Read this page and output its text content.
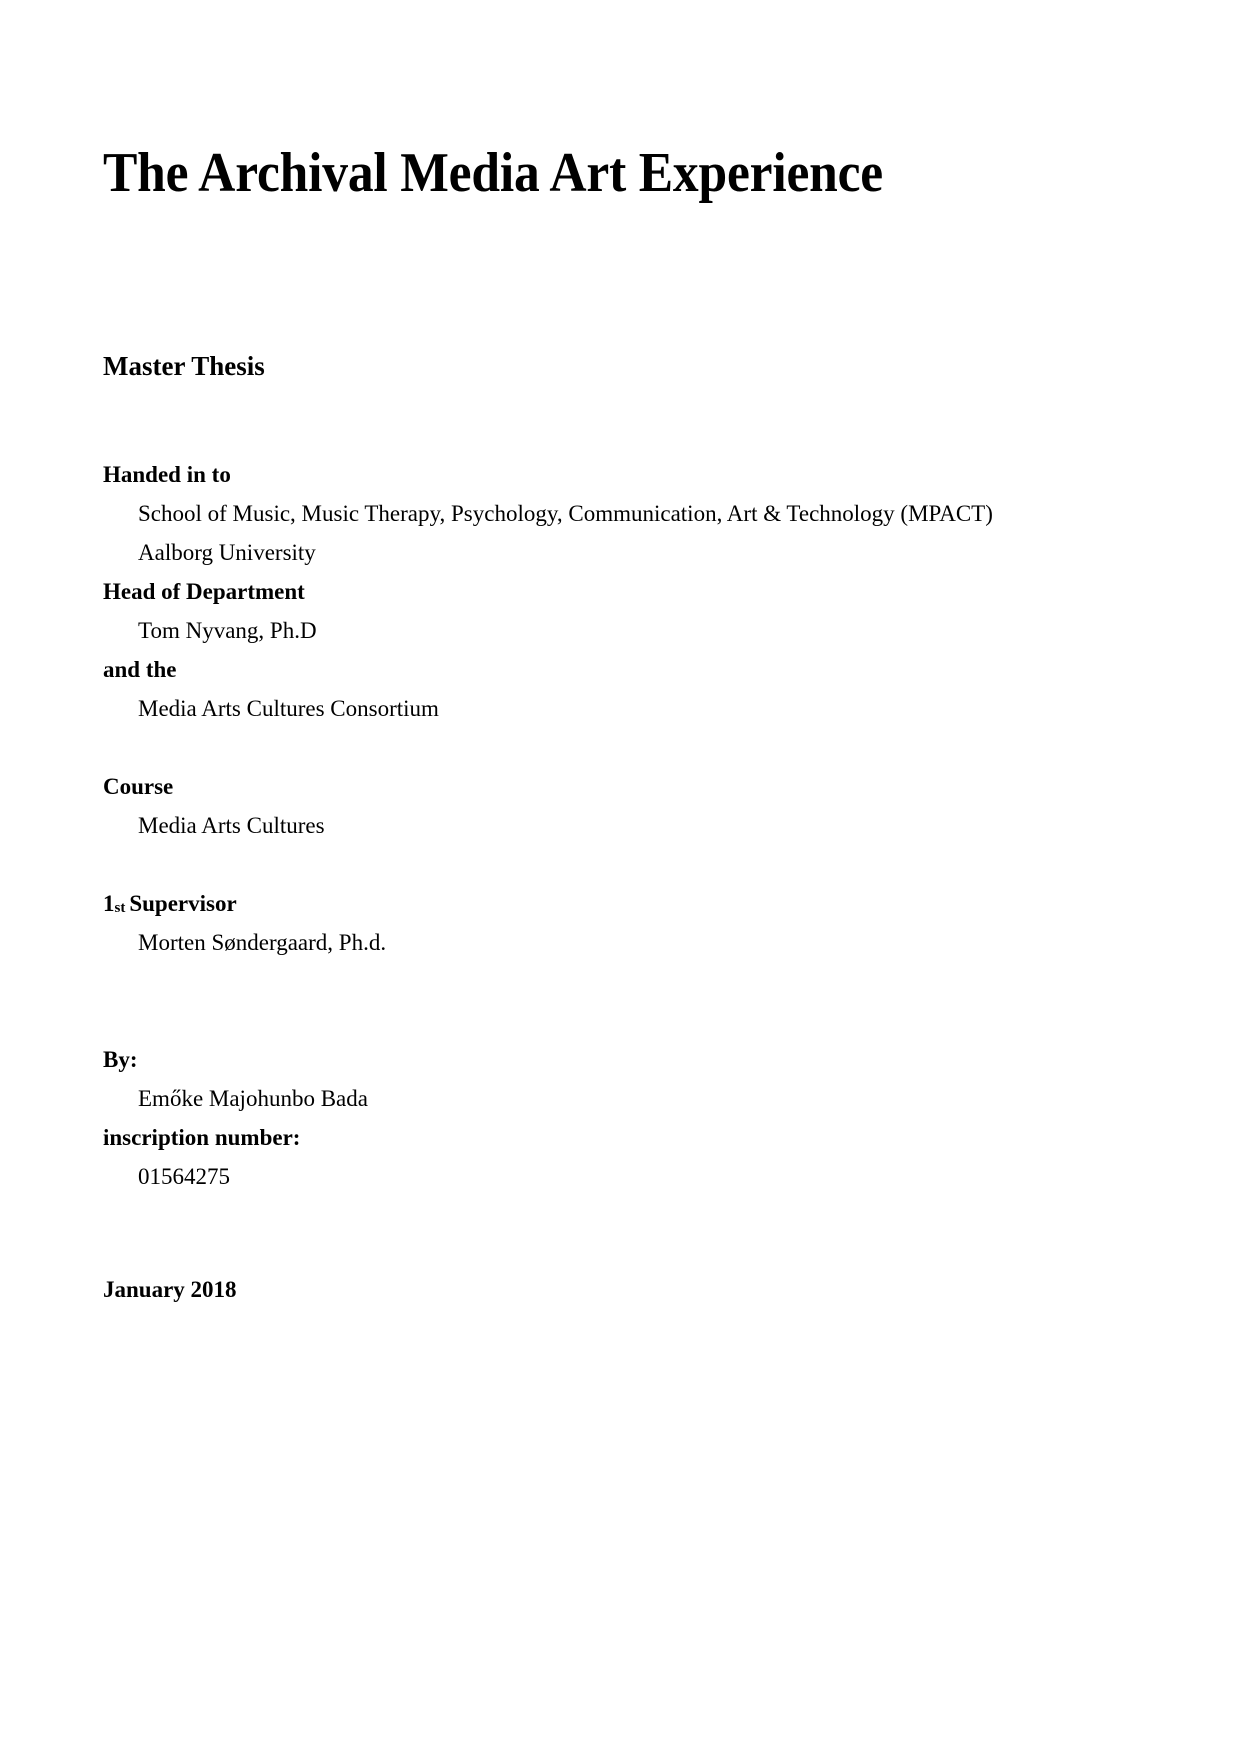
The Archival Media Art Experience
Master Thesis
Handed in to
School of Music, Music Therapy, Psychology, Communication, Art & Technology (MPACT)
Aalborg University
Head of Department
Tom Nyvang, Ph.D
and the
Media Arts Cultures Consortium
Course
Media Arts Cultures
1st Supervisor
Morten Søndergaard, Ph.d.
By:
Emőke Majohunbo Bada
inscription number:
01564275
January 2018
